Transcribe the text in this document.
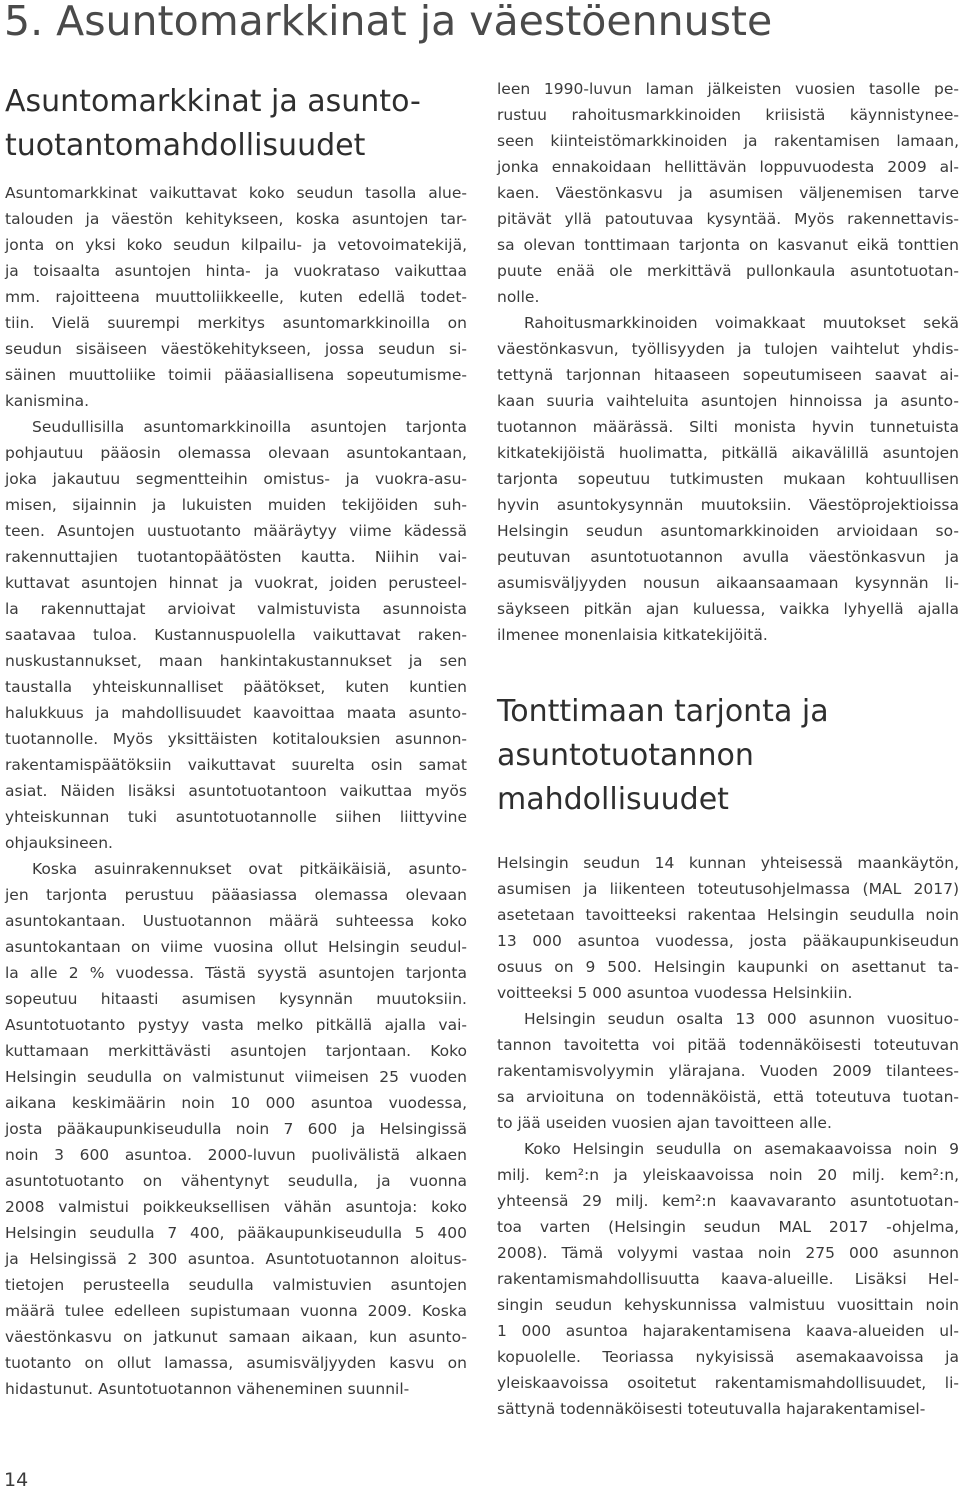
5. Asuntomarkkinat ja väestöennuste
Asuntomarkkinat ja asunto-
tuotantomahdollisuudet
Asuntomarkkinat vaikuttavat koko seudun tasolla alue-
talouden ja väestön kehitykseen, koska asuntojen tar-
jonta on yksi koko seudun kilpailu- ja vetovoimatekijä,
ja toisaalta asuntojen hinta- ja vuokrataso vaikuttaa
mm. rajoitteena muuttoliikkeelle, kuten edellä todet-
tiin. Vielä suurempi merkitys asuntomarkkinoilla on
seudun sisäiseen väestökehitykseen, jossa seudun si-
säinen muuttoliike toimii pääasiallisena sopeutumisme-
kanismina.
Seudullisilla asuntomarkkinoilla asuntojen tarjonta
pohjautuu pääosin olemassa olevaan asuntokantaan,
joka jakautuu segmentteihin omistus- ja vuokra-asu-
misen, sijainnin ja lukuisten muiden tekijöiden suh-
teen. Asuntojen uustuotanto määräytyy viime kädessä
rakennuttajien tuotantopäätösten kautta. Niihin vai-
kuttavat asuntojen hinnat ja vuokrat, joiden perusteel-
la rakennuttajat arvioivat valmistuvista asunnoista
saatavaa tuloa. Kustannuspuolella vaikuttavat raken-
nuskustannukset, maan hankintakustannukset ja sen
taustalla yhteiskunnalliset päätökset, kuten kuntien
halukkuus ja mahdollisuudet kaavoittaa maata asunto-
tuotannolle. Myös yksittäisten kotitalouksien asunnon-
rakentamispäätöksiin vaikuttavat suurelta osin samat
asiat. Näiden lisäksi asuntotuotantoon vaikuttaa myös
yhteiskunnan tuki asuntotuotannolle siihen liittyvine
ohjauksineen.
Koska asuinrakennukset ovat pitkäikäisiä, asunto-
jen tarjonta perustuu pääasiassa olemassa olevaan
asuntokantaan. Uustuotannon määrä suhteessa koko
asuntokantaan on viime vuosina ollut Helsingin seudul-
la alle 2 % vuodessa. Tästä syystä asuntojen tarjonta
sopeutuu hitaasti asumisen kysynnän muutoksiin.
Asuntotuotanto pystyy vasta melko pitkällä ajalla vai-
kuttamaan merkittävästi asuntojen tarjontaan. Koko
Helsingin seudulla on valmistunut viimeisen 25 vuoden
aikana keskimäärin noin 10 000 asuntoa vuodessa,
josta pääkaupunkiseudulla noin 7 600 ja Helsingissä
noin 3 600 asuntoa. 2000-luvun puolivälistä alkaen
asuntotuotanto on vähentynyt seudulla, ja vuonna
2008 valmistui poikkeuksellisen vähän asuntoja: koko
Helsingin seudulla 7 400, pääkaupunkiseudulla 5 400
ja Helsingissä 2 300 asuntoa. Asuntotuotannon aloitus-
tietojen perusteella seudulla valmistuvien asuntojen
määrä tulee edelleen supistumaan vuonna 2009. Koska
väestönkasvu on jatkunut samaan aikaan, kun asunto-
tuotanto on ollut lamassa, asumisväljyyden kasvu on
hidastunut. Asuntotuotannon väheneminen suunnil-
leen 1990-luvun laman jälkeisten vuosien tasolle pe-
rustuu rahoitusmarkkinoiden kriisistä käynnistynee-
seen kiinteistömarkkinoiden ja rakentamisen lamaan,
jonka ennakoidaan hellittävän loppuvuodesta 2009 al-
kaen. Väestönkasvu ja asumisen väljenemisen tarve
pitävät yllä patoutuvaa kysyntää. Myös rakennettavis-
sa olevan tonttimaan tarjonta on kasvanut eikä tonttien
puute enää ole merkittävä pullonkaula asuntotuotan-
nolle.
Rahoitusmarkkinoiden voimakkaat muutokset sekä
väestönkasvun, työllisyyden ja tulojen vaihtelut yhdis-
tettynä tarjonnan hitaaseen sopeutumiseen saavat ai-
kaan suuria vaihteluita asuntojen hinnoissa ja asunto-
tuotannon määrässä. Silti monista hyvin tunnetuista
kitkatekijöistä huolimatta, pitkällä aikavälillä asuntojen
tarjonta sopeutuu tutkimusten mukaan kohtuullisen
hyvin asuntokysynnän muutoksiin. Väestöprojektioissa
Helsingin seudun asuntomarkkinoiden arvioidaan so-
peutuvan asuntotuotannon avulla väestönkasvun ja
asumisväljyyden nousun aikaansaamaan kysynnän li-
säykseen pitkän ajan kuluessa, vaikka lyhyellä ajalla
ilmenee monenlaisia kitkatekijöitä.
Tonttimaan tarjonta ja
asuntotuotannon
mahdollisuudet
Helsingin seudun 14 kunnan yhteisessä maankäytön,
asumisen ja liikenteen toteutusohjelmassa (MAL 2017)
asetetaan tavoitteeksi rakentaa Helsingin seudulla noin
13 000 asuntoa vuodessa, josta pääkaupunkiseudun
osuus on 9 500. Helsingin kaupunki on asettanut ta-
voitteeksi 5 000 asuntoa vuodessa Helsinkiin.
Helsingin seudun osalta 13 000 asunnon vuosituo-
tannon tavoitetta voi pitää todennäköisesti toteutuvan
rakentamisvolyymin ylärajana. Vuoden 2009 tilantees-
sa arvioituna on todennäköistä, että toteutuva tuotan-
to jää useiden vuosien ajan tavoitteen alle.
Koko Helsingin seudulla on asemakaavoissa noin 9
milj. kem²:n ja yleiskaavoissa noin 20 milj. kem²:n,
yhteensä 29 milj. kem²:n kaavavaranto asuntotuotan-
toa varten (Helsingin seudun MAL 2017 -ohjelma,
2008). Tämä volyymi vastaa noin 275 000 asunnon
rakentamismahdollisuutta kaava-alueille. Lisäksi Hel-
singin seudun kehyskunnissa valmistuu vuosittain noin
1 000 asuntoa hajarakentamisena kaava-alueiden ul-
kopuolelle. Teoriassa nykyisissä asemakaavoissa ja
yleiskaavoissa osoitetut rakentamismahdollisuudet, li-
sättynä todennäköisesti toteutuvalla hajarakentamisel-
14
